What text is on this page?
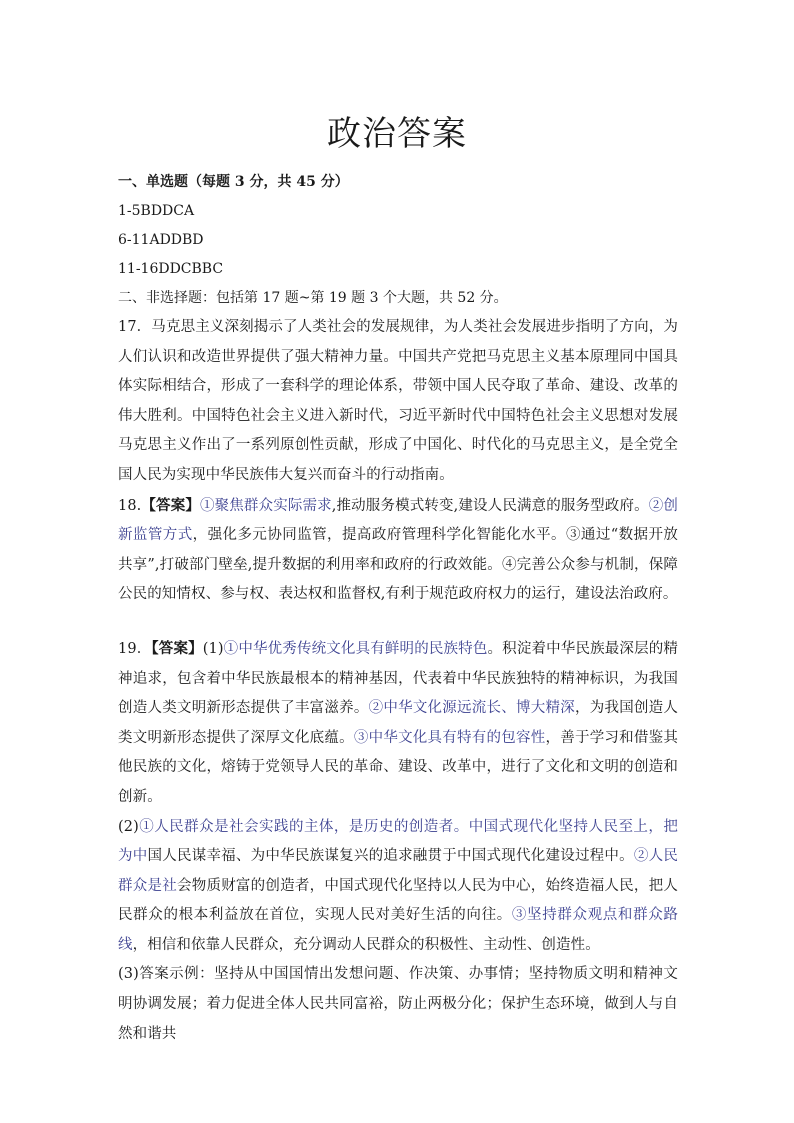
政治答案
一、单选题（每题 3 分，共 45 分）
1-5BDDCA
6-11ADDBD
11-16DDCBBC
二、非选择题：包括第 17 题~第 19 题 3 个大题，共 52 分。
17．马克思主义深刻揭示了人类社会的发展规律，为人类社会发展进步指明了方向，为人们认识和改造世界提供了强大精神力量。中国共产党把马克思主义基本原理同中国具体实际相结合，形成了一套科学的理论体系，带领中国人民夺取了革命、建设、改革的伟大胜利。中国特色社会主义进入新时代，习近平新时代中国特色社会主义思想对发展马克思主义作出了一系列原创性贡献，形成了中国化、时代化的马克思主义，是全党全国人民为实现中华民族伟大复兴而奋斗的行动指南。
18.【答案】①聚焦群众实际需求,推动服务模式转变,建设人民满意的服务型政府。②创新监管方式，强化多元协同监管，提高政府管理科学化智能化水平。③通过“数据开放共享”,打破部门壁垒,提升数据的利用率和政府的行政效能。④完善公众参与机制，保障公民的知情权、参与权、表达权和监督权,有利于规范政府权力的运行，建设法治政府。
19．【答案】(1)①中华优秀传统文化具有鲜明的民族特色。积淀着中华民族最深层的精神追求，包含着中华民族最根本的精神基因，代表着中华民族独特的精神标识，为我国创造人类文明新形态提供了丰富滋养。②中华文化源远流长、博大精深，为我国创造人类文明新形态提供了深厚文化底蕴。③中华文化具有特有的包容性，善于学习和借鉴其他民族的文化，熔铸于党领导人民的革命、建设、改革中，进行了文化和文明的创造和创新。
(2)①人民群众是社会实践的主体，是历史的创造者。中国式现代化坚持人民至上，把为中国人民谋幸福、为中华民族谋复兴的追求融贯于中国式现代化建设过程中。②人民群众是社会物质财富的创造者，中国式现代化坚持以人民为中心，始终造福人民，把人民群众的根本利益放在首位，实现人民对美好生活的向往。③坚持群众观点和群众路线，相信和依靠人民群众，充分调动人民群众的积极性、主动性、创造性。
(3)答案示例：坚持从中国国情出发想问题、作决策、办事情；坚持物质文明和精神文明协调发展；着力促进全体人民共同富裕，防止两极分化；保护生态环境，做到人与自然和谐共
